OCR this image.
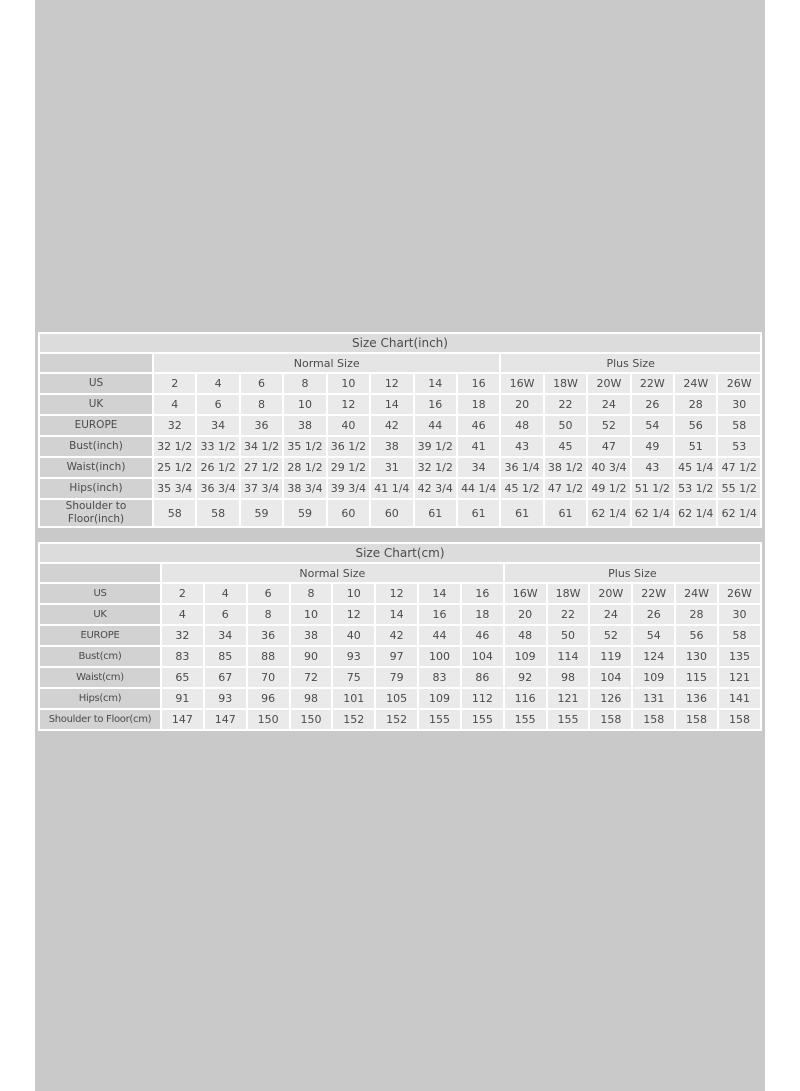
Size Chart(inch)														
	Normal Size								Plus Size					
US	2	4	6	8	10	12	14	16	16W	18W	20W	22W	24W	26W
UK	4	6	8	10	12	14	16	18	20	22	24	26	28	30
EUROPE	32	34	36	38	40	42	44	46	48	50	52	54	56	58
Bust(inch)	32 1/2	33 1/2	34 1/2	35 1/2	36 1/2	38	39 1/2	41	43	45	47	49	51	53
Waist(inch)	25 1/2	26 1/2	27 1/2	28 1/2	29 1/2	31	32 1/2	34	36 1/4	38 1/2	40 3/4	43	45 1/4	47 1/2
Hips(inch)	35 3/4	36 3/4	37 3/4	38 3/4	39 3/4	41 1/4	42 3/4	44 1/4	45 1/2	47 1/2	49 1/2	51 1/2	53 1/2	55 1/2
Shoulder to Floor(inch)	58	58	59	59	60	60	61	61	61	61	62 1/4	62 1/4	62 1/4	62 1/4
Size Chart(cm)														
	Normal Size								Plus Size					
US	2	4	6	8	10	12	14	16	16W	18W	20W	22W	24W	26W
UK	4	6	8	10	12	14	16	18	20	22	24	26	28	30
EUROPE	32	34	36	38	40	42	44	46	48	50	52	54	56	58
Bust(cm)	83	85	88	90	93	97	100	104	109	114	119	124	130	135
Waist(cm)	65	67	70	72	75	79	83	86	92	98	104	109	115	121
Hips(cm)	91	93	96	98	101	105	109	112	116	121	126	131	136	141
Shoulder to Floor(cm)	147	147	150	150	152	152	155	155	155	155	158	158	158	158
